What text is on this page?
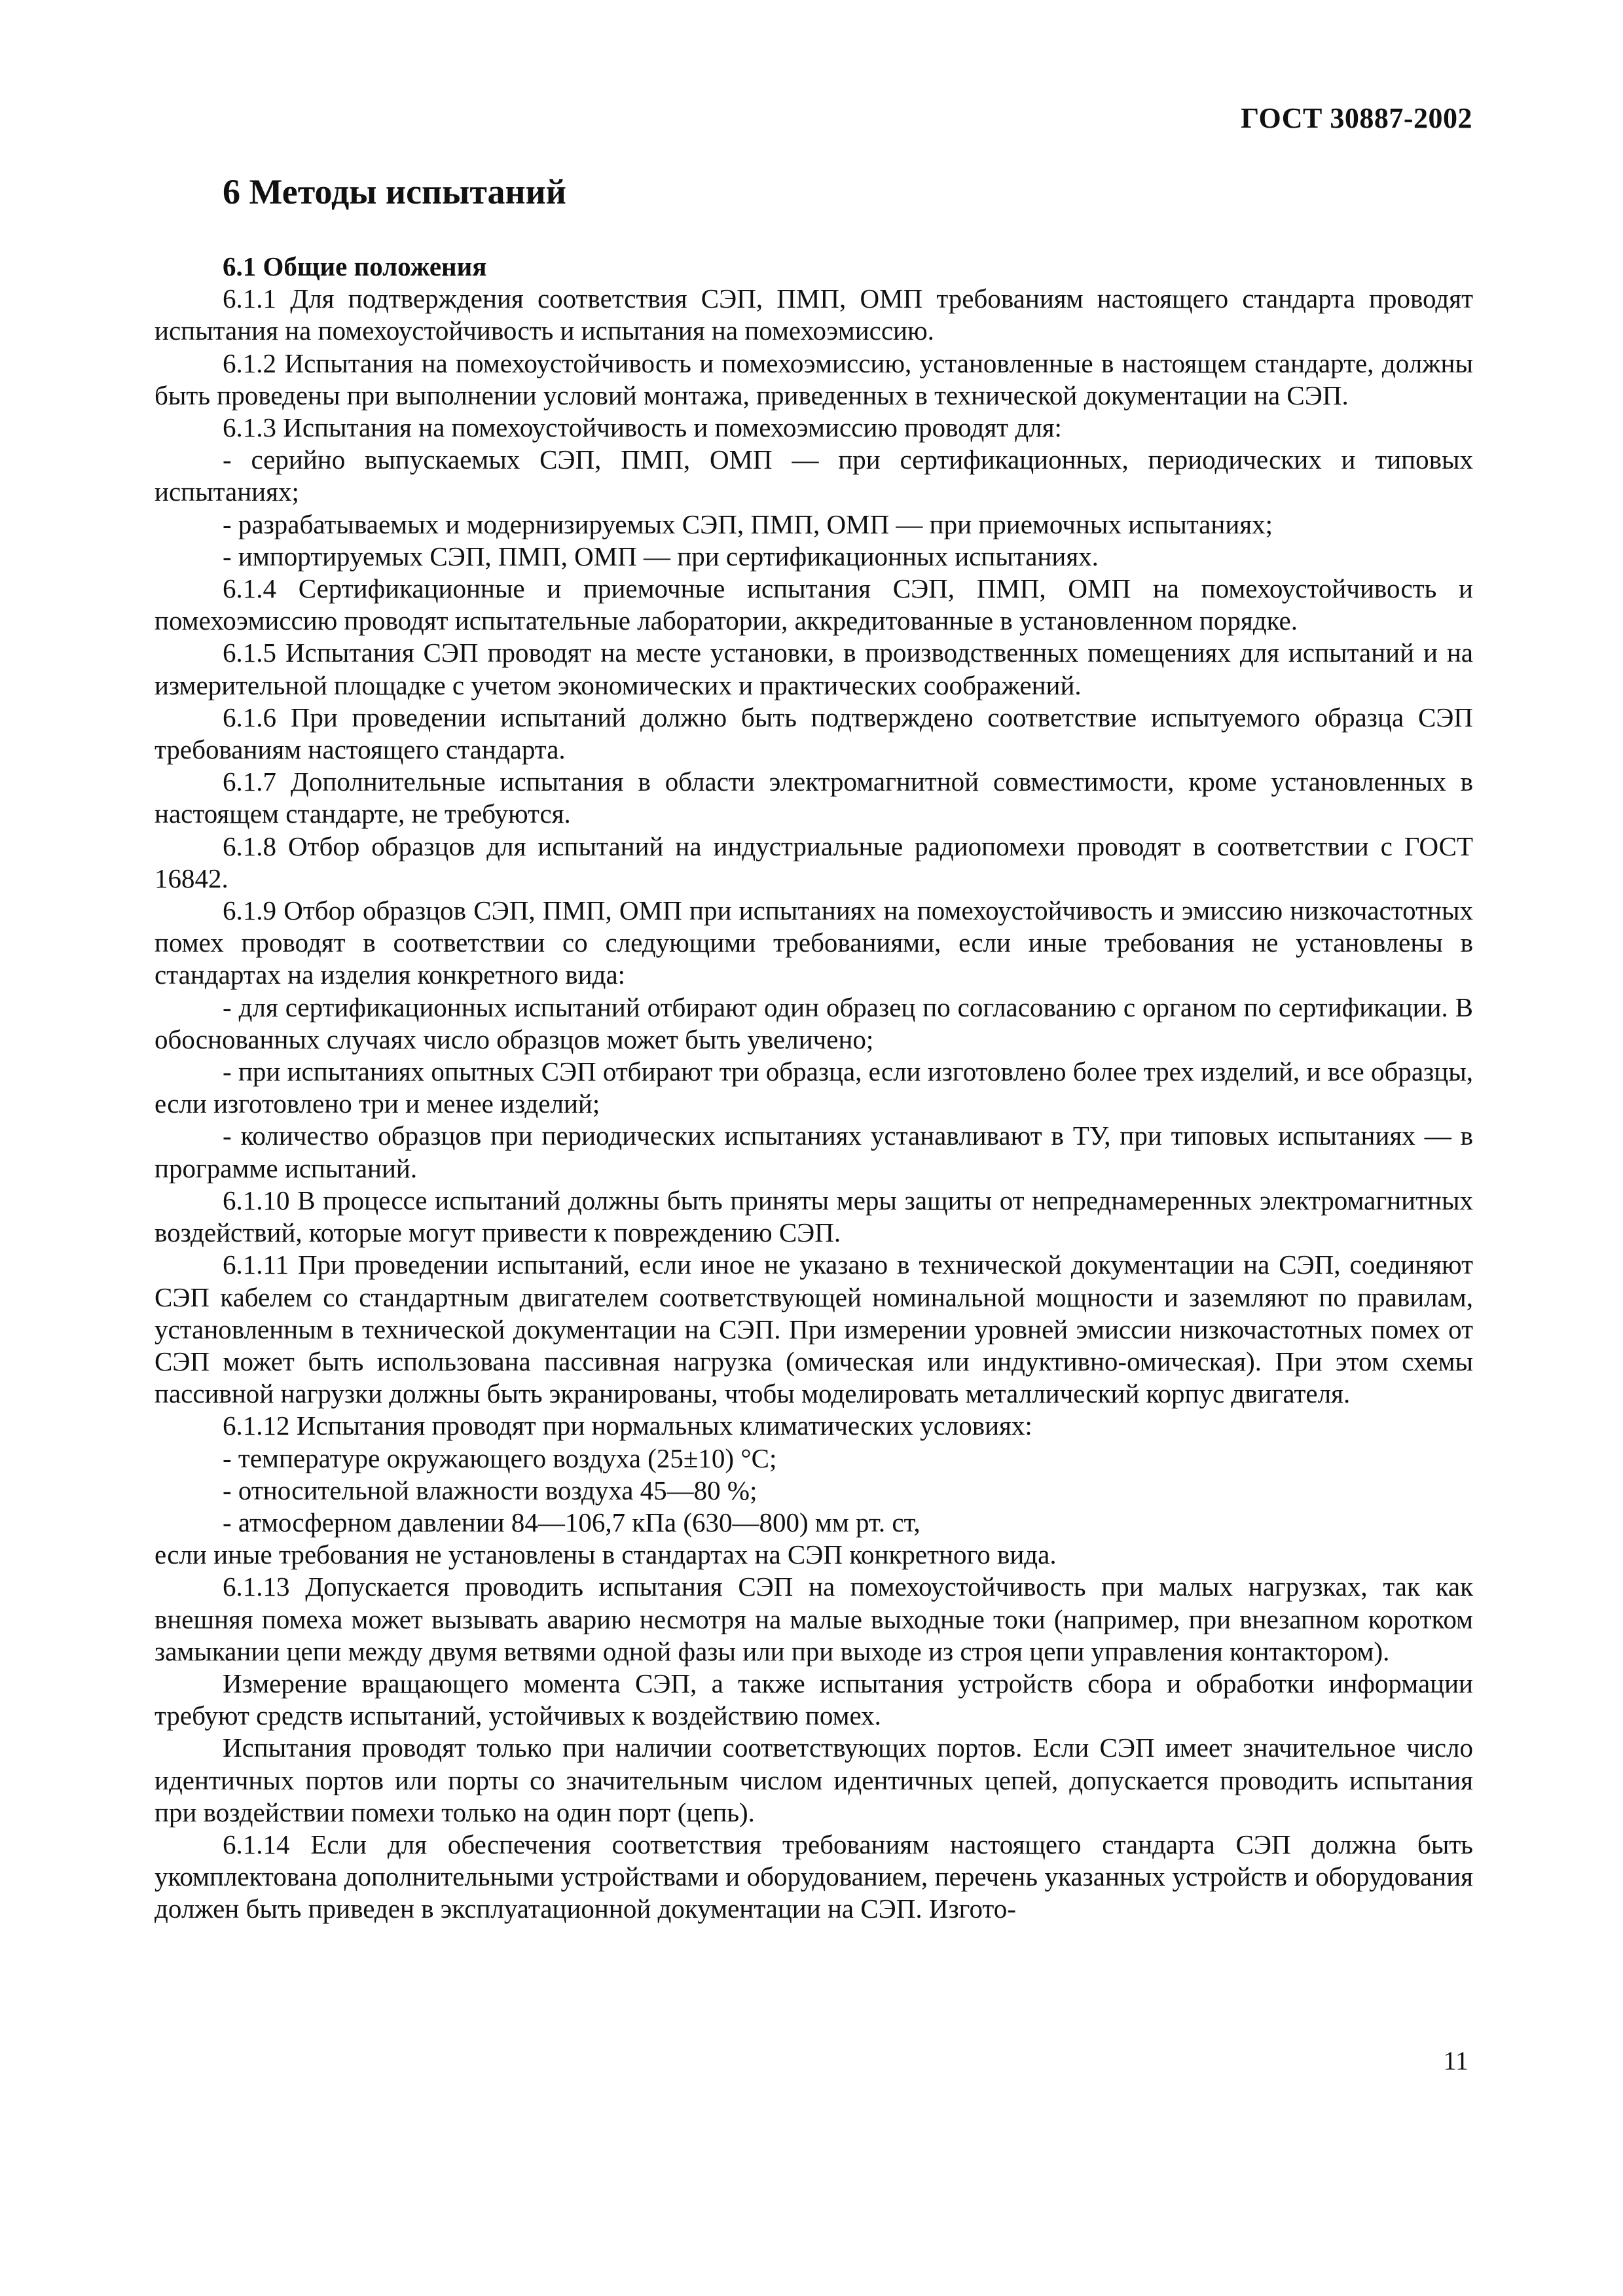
ГОСТ 30887-2002
6 Методы испытаний

6.1 Общие положения

6.1.1 Для подтверждения соответствия СЭП, ПМП, ОМП требованиям настоящего стандарта проводят испытания на помехоустойчивость и испытания на помехоэмиссию.

6.1.2 Испытания на помехоустойчивость и помехоэмиссию, установленные в настоящем стандарте, должны быть проведены при выполнении условий монтажа, приведенных в технической документации на СЭП.

6.1.3 Испытания на помехоустойчивость и помехоэмиссию проводят для:

- серийно выпускаемых СЭП, ПМП, ОМП — при сертификационных, периодических и типовых испытаниях;

- разрабатываемых и модернизируемых СЭП, ПМП, ОМП — при приемочных испытаниях;

- импортируемых СЭП, ПМП, ОМП — при сертификационных испытаниях.

6.1.4 Сертификационные и приемочные испытания СЭП, ПМП, ОМП на помехоустойчивость и помехоэмиссию проводят испытательные лаборатории, аккредитованные в установленном порядке.

6.1.5 Испытания СЭП проводят на месте установки, в производственных помещениях для испытаний и на измерительной площадке с учетом экономических и практических соображений.

6.1.6 При проведении испытаний должно быть подтверждено соответствие испытуемого образца СЭП требованиям настоящего стандарта.

6.1.7 Дополнительные испытания в области электромагнитной совместимости, кроме установленных в настоящем стандарте, не требуются.

6.1.8 Отбор образцов для испытаний на индустриальные радиопомехи проводят в соответствии с ГОСТ 16842.

6.1.9 Отбор образцов СЭП, ПМП, ОМП при испытаниях на помехоустойчивость и эмиссию низкочастотных помех проводят в соответствии со следующими требованиями, если иные требования не установлены в стандартах на изделия конкретного вида:

- для сертификационных испытаний отбирают один образец по согласованию с органом по сертификации. В обоснованных случаях число образцов может быть увеличено;

- при испытаниях опытных СЭП отбирают три образца, если изготовлено более трех изделий, и все образцы, если изготовлено три и менее изделий;

- количество образцов при периодических испытаниях устанавливают в ТУ, при типовых испытаниях — в программе испытаний.

6.1.10 В процессе испытаний должны быть приняты меры защиты от непреднамеренных электромагнитных воздействий, которые могут привести к повреждению СЭП.

6.1.11 При проведении испытаний, если иное не указано в технической документации на СЭП, соединяют СЭП кабелем со стандартным двигателем соответствующей номинальной мощности и заземляют по правилам, установленным в технической документации на СЭП. При измерении уровней эмиссии низкочастотных помех от СЭП может быть использована пассивная нагрузка (омическая или индуктивно-омическая). При этом схемы пассивной нагрузки должны быть экранированы, чтобы моделировать металлический корпус двигателя.

6.1.12 Испытания проводят при нормальных климатических условиях:

- температуре окружающего воздуха (25±10) °С;

- относительной влажности воздуха 45—80 %;

- атмосферном давлении 84—106,7 кПа (630—800) мм рт. ст,

если иные требования не установлены в стандартах на СЭП конкретного вида.

6.1.13 Допускается проводить испытания СЭП на помехоустойчивость при малых нагрузках, так как внешняя помеха может вызывать аварию несмотря на малые выходные токи (например, при внезапном коротком замыкании цепи между двумя ветвями одной фазы или при выходе из строя цепи управления контактором).

Измерение вращающего момента СЭП, а также испытания устройств сбора и обработки информации требуют средств испытаний, устойчивых к воздействию помех.

Испытания проводят только при наличии соответствующих портов. Если СЭП имеет значительное число идентичных портов или порты со значительным числом идентичных цепей, допускается проводить испытания при воздействии помехи только на один порт (цепь).

6.1.14 Если для обеспечения соответствия требованиям настоящего стандарта СЭП должна быть укомплектована дополнительными устройствами и оборудованием, перечень указанных устройств и оборудования должен быть приведен в эксплуатационной документации на СЭП. Изгото-

11
